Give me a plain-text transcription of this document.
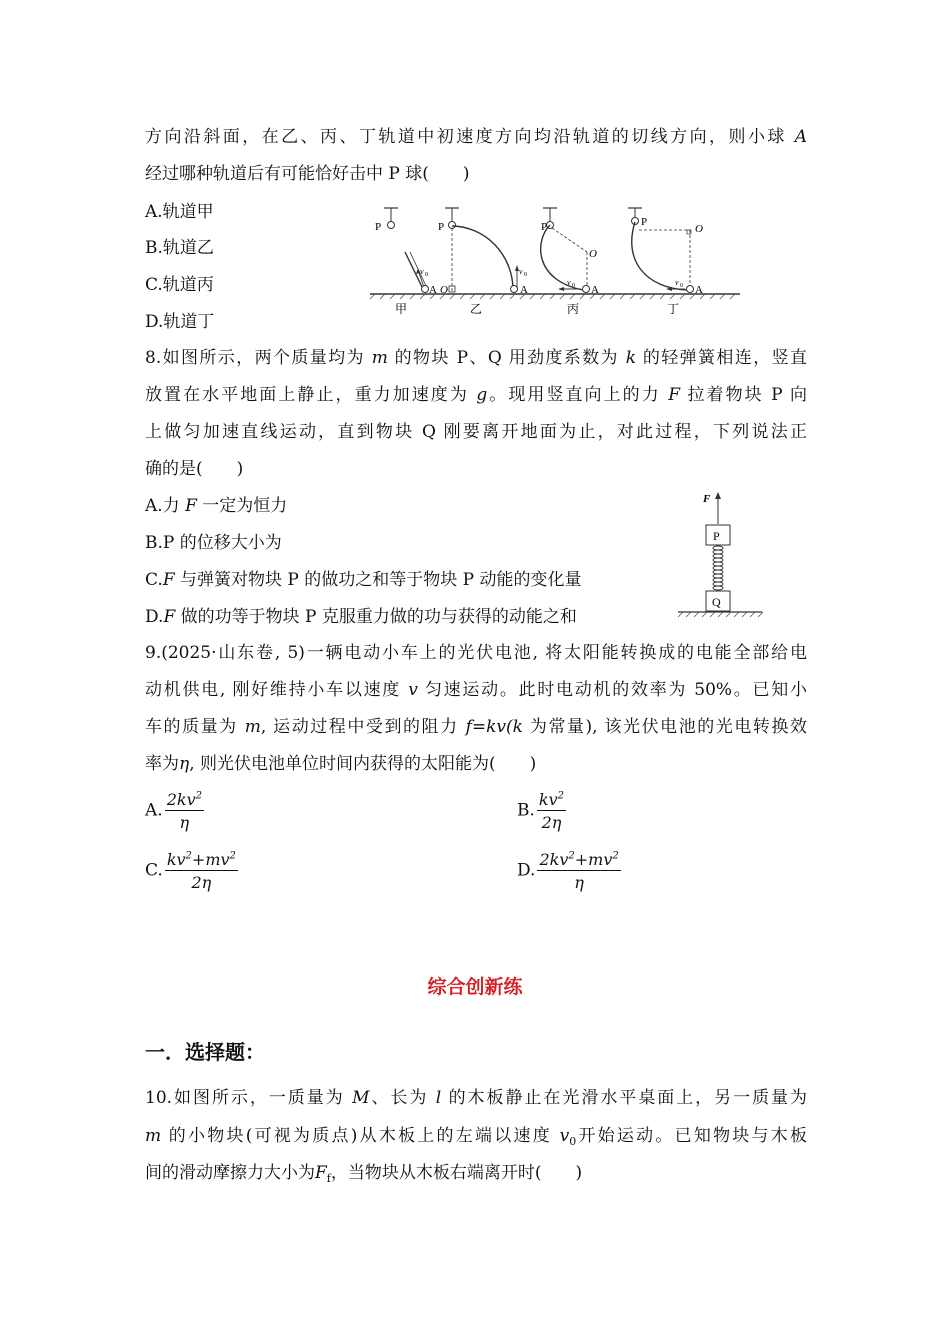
方向沿斜面，在乙、丙、丁轨道中初速度方向均沿轨道的切线方向，则小球 A
经过哪种轨道后有可能恰好击中 P 球(　　)
A.轨道甲
B.轨道乙
C.轨道丙
D.轨道丁
P
v 0
A O
甲
P
v 0
A
乙
P
O
v 0 A
丙
P
O
v 0 A
丁
8.如图所示，两个质量均为 m 的物块 P、Q 用劲度系数为 k 的轻弹簧相连，竖直
放置在水平地面上静止，重力加速度为 g。现用竖直向上的力 F 拉着物块 P 向
上做匀加速直线运动，直到物块 Q 刚要离开地面为止，对此过程，下列说法正
确的是(　　)
A.力 F 一定为恒力
B.P 的位移大小为
C.F 与弹簧对物块 P 的做功之和等于物块 P 动能的变化量
D.F 做的功等于物块 P 克服重力做的功与获得的动能之和
F
P
Q
9.(2025·山东卷, 5)一辆电动小车上的光伏电池, 将太阳能转换成的电能全部给电
动机供电, 刚好维持小车以速度 v 匀速运动。此时电动机的效率为 50%。已知小
车的质量为 m, 运动过程中受到的阻力 f=kv(k 为常量), 该光伏电池的光电转换效
率为η, 则光伏电池单位时间内获得的太阳能为(　　)
A. $\frac{2kv^2}{\eta}$	B. $\frac{kv^2}{2\eta}$
C. $\frac{kv^2+mv^2}{2\eta}$	D. $\frac{2kv^2+mv^2}{\eta}$
综合创新练
一．选择题：
10.如图所示，一质量为 M、长为 l 的木板静止在光滑水平桌面上，另一质量为
m 的小物块(可视为质点)从木板上的左端以速度 $v_0$开始运动。已知物块与木板
间的滑动摩擦力大小为$F_f$，当物块从木板右端离开时(　　)
